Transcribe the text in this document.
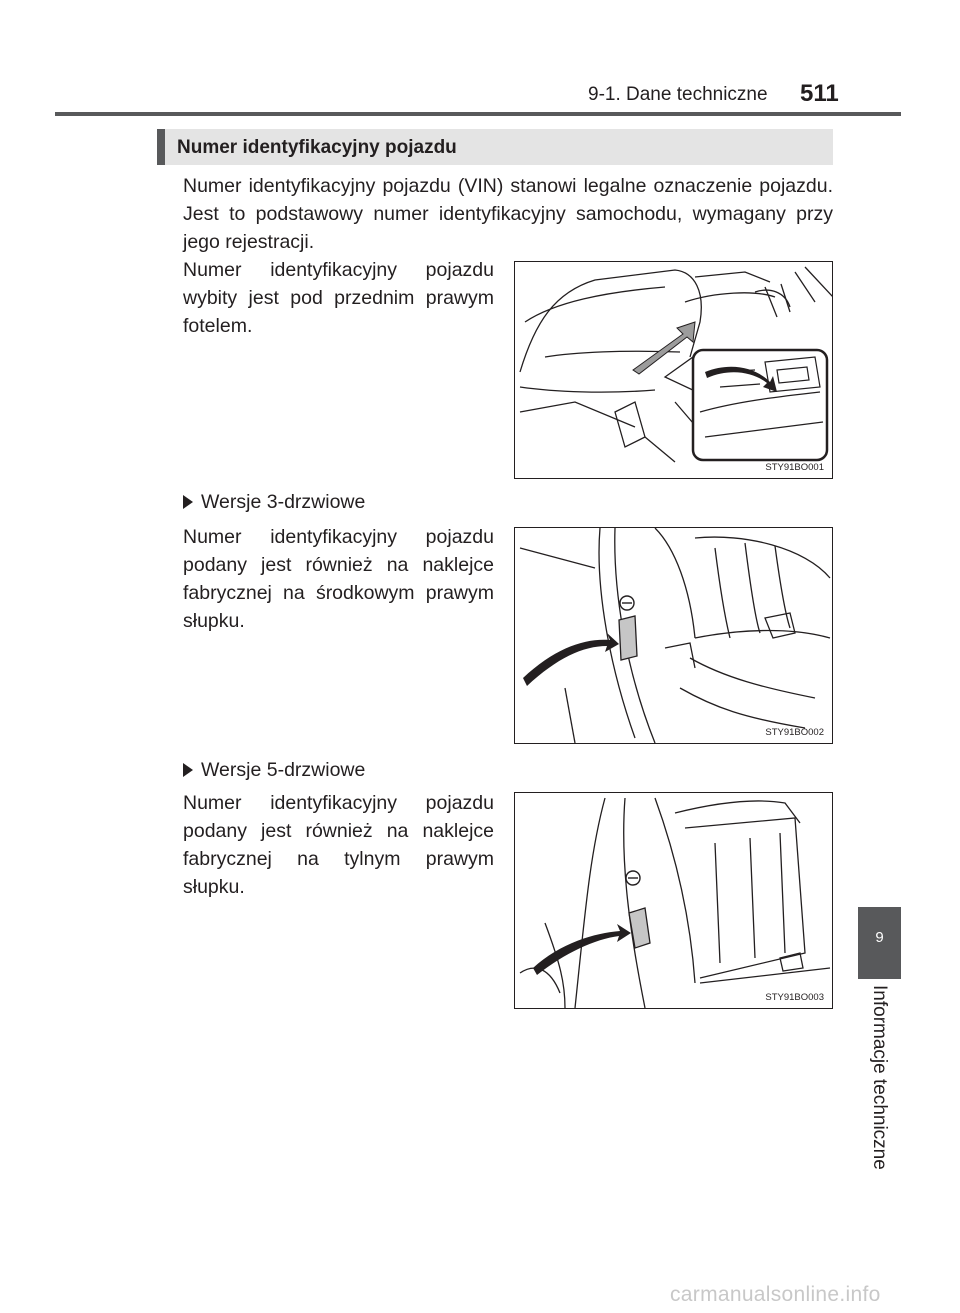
9-1. Dane techniczne 511
Numer identyfikacyjny pojazdu
Numer identyfikacyjny pojazdu (VIN) stanowi legalne oznaczenie pojazdu. Jest to podstawowy numer identyfikacyjny samochodu, wymagany przy jego rejestracji.
Numer identyfikacyjny pojazdu wybity jest pod przednim prawym fotelem.
STY91BO001
Wersje 3-drzwiowe
Numer identyfikacyjny pojazdu podany jest również na naklejce fabrycznej na środkowym prawym słupku.
STY91BO002
Wersje 5-drzwiowe
Numer identyfikacyjny pojazdu podany jest również na naklejce fabrycznej na tylnym prawym słupku.
STY91BO003
9
Informacje techniczne
carmanualsonline.info
